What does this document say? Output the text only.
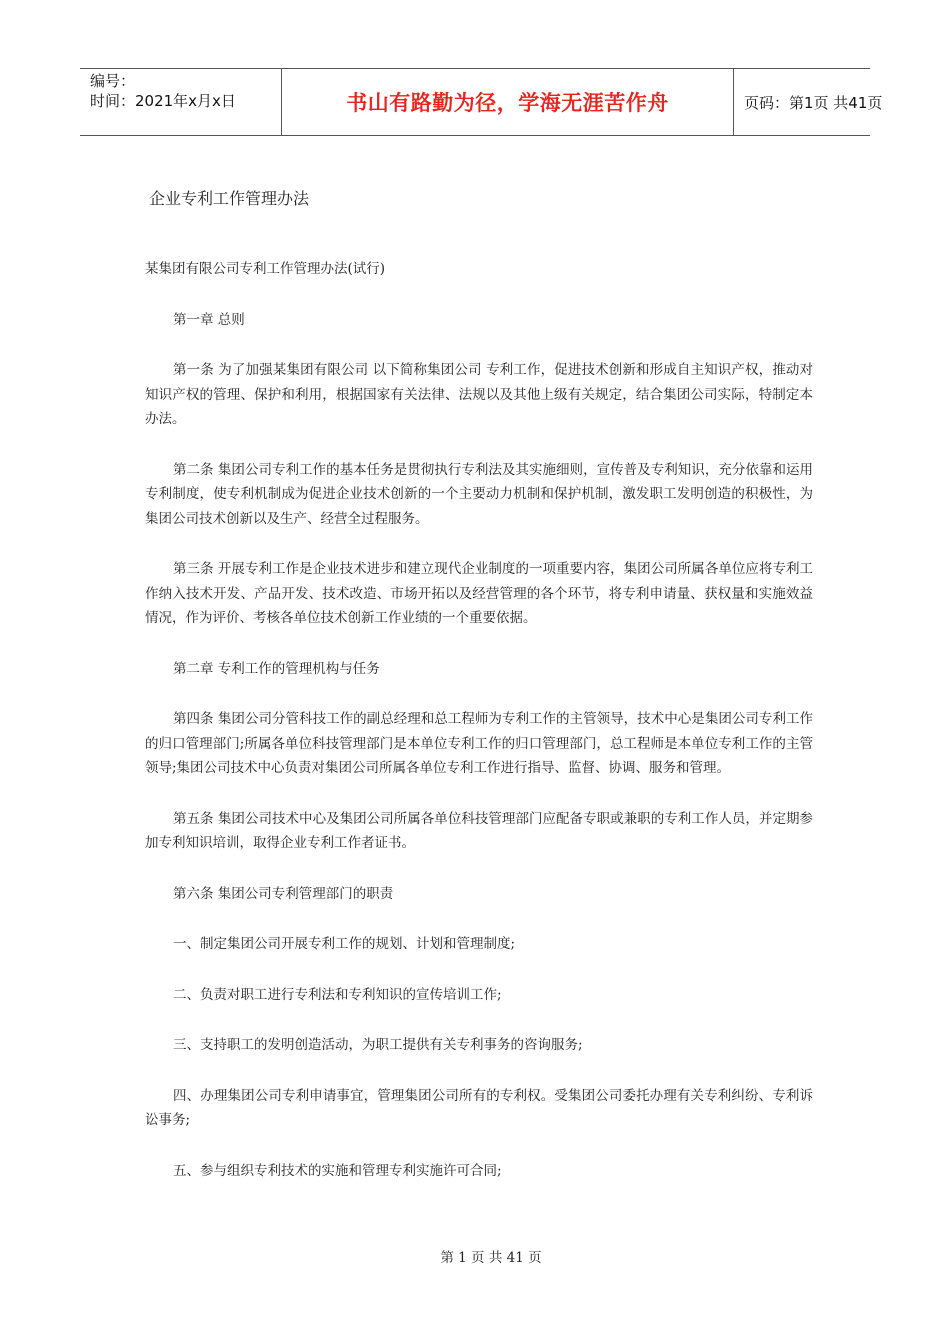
编号：
时间：2021年x月x日	书山有路勤为径，学海无涯苦作舟	页码：第1页 共41页
企业专利工作管理办法

某集团有限公司专利工作管理办法(试行)

第一章 总则

第一条 为了加强某集团有限公司 以下简称集团公司 专利工作，促进技术创新和形成自主知识产权，推动对知识产权的管理、保护和利用，根据国家有关法律、法规以及其他上级有关规定，结合集团公司实际，特制定本办法。

第二条 集团公司专利工作的基本任务是贯彻执行专利法及其实施细则，宣传普及专利知识，充分依靠和运用专利制度，使专利机制成为促进企业技术创新的一个主要动力机制和保护机制，激发职工发明创造的积极性，为集团公司技术创新以及生产、经营全过程服务。

第三条 开展专利工作是企业技术进步和建立现代企业制度的一项重要内容，集团公司所属各单位应将专利工作纳入技术开发、产品开发、技术改造、市场开拓以及经营管理的各个环节，将专利申请量、获权量和实施效益情况，作为评价、考核各单位技术创新工作业绩的一个重要依据。

第二章 专利工作的管理机构与任务

第四条 集团公司分管科技工作的副总经理和总工程师为专利工作的主管领导，技术中心是集团公司专利工作的归口管理部门;所属各单位科技管理部门是本单位专利工作的归口管理部门，总工程师是本单位专利工作的主管领导;集团公司技术中心负责对集团公司所属各单位专利工作进行指导、监督、协调、服务和管理。

第五条 集团公司技术中心及集团公司所属各单位科技管理部门应配备专职或兼职的专利工作人员，并定期参加专利知识培训，取得企业专利工作者证书。

第六条 集团公司专利管理部门的职责

一、制定集团公司开展专利工作的规划、计划和管理制度;

二、负责对职工进行专利法和专利知识的宣传培训工作;

三、支持职工的发明创造活动，为职工提供有关专利事务的咨询服务;

四、办理集团公司专利申请事宜，管理集团公司所有的专利权。受集团公司委托办理有关专利纠纷、专利诉讼事务;

五、参与组织专利技术的实施和管理专利实施许可合同;

第 1 页 共 41 页
